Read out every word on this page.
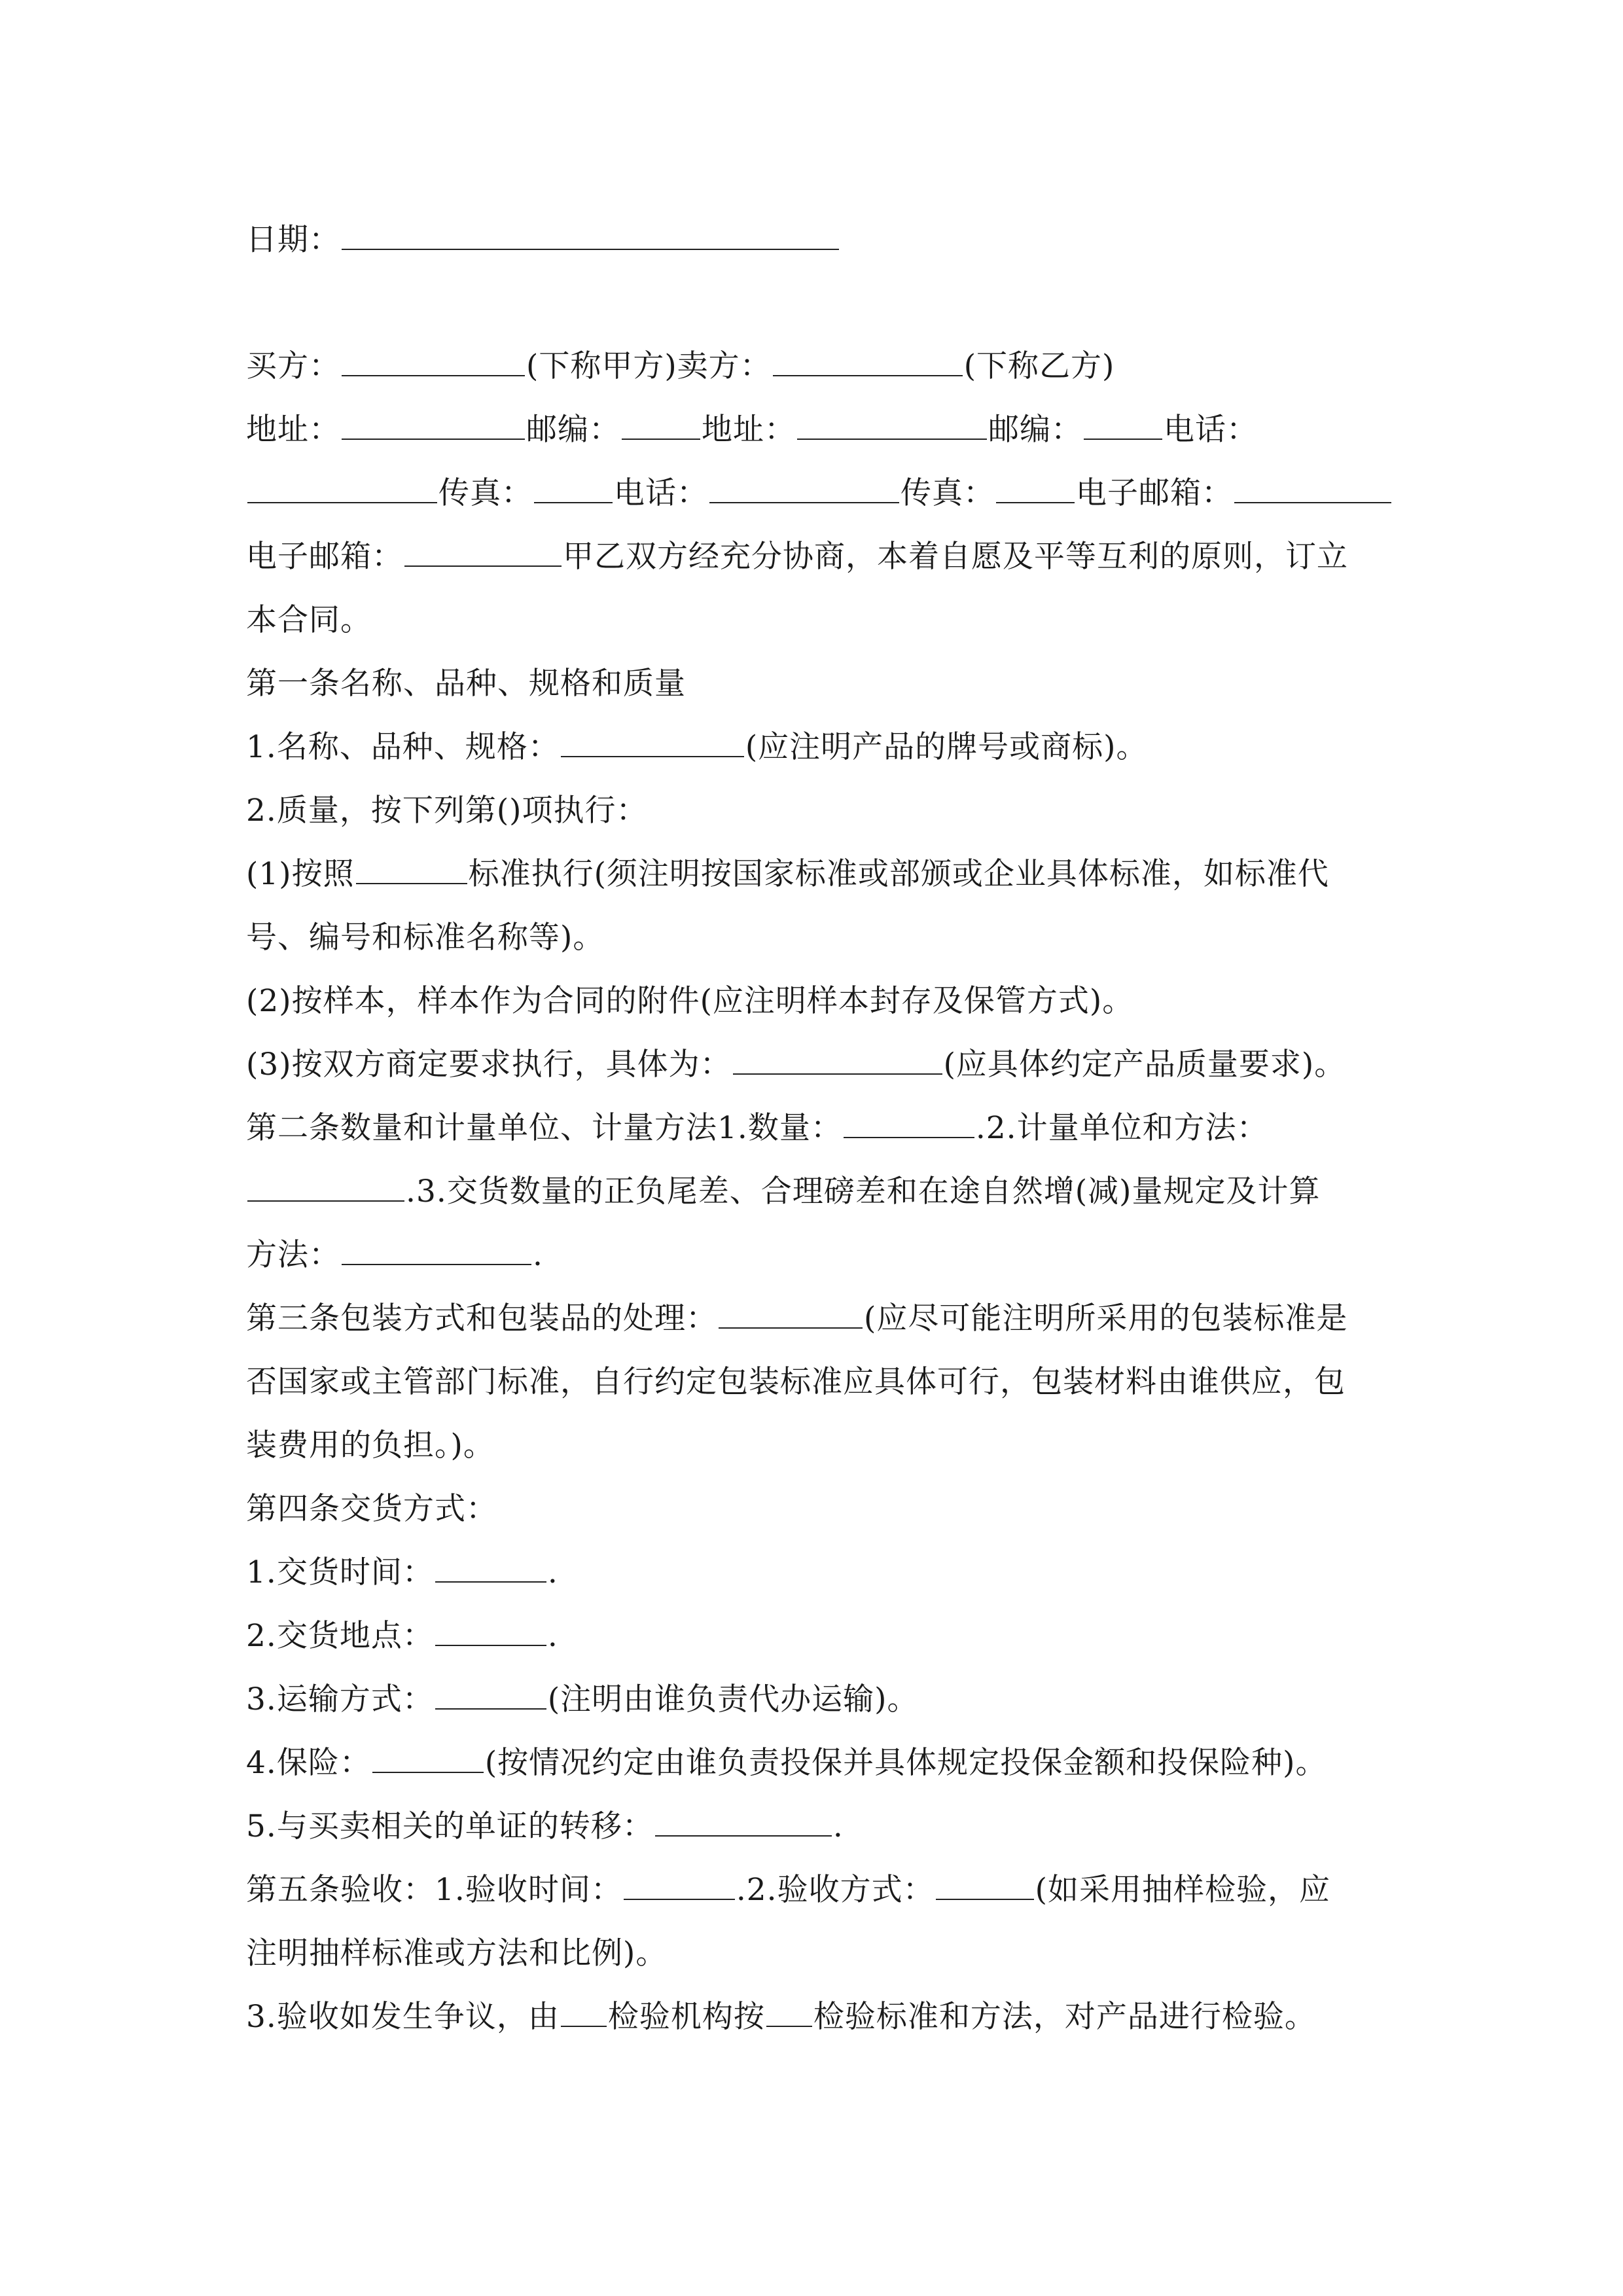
日期：
买方：	(下称甲方)卖方：	(下称乙方)
地址：	邮编：	地址：	邮编：	电话：
传真：	电话：	传真：	电子邮箱：
电子邮箱：	甲乙双方经充分协商，本着自愿及平等互利的原则，订立
本合同。
第一条名称、品种、规格和质量
1.名称、品种、规格：	(应注明产品的牌号或商标)。
2.质量，按下列第()项执行：
(1)按照	标准执行(须注明按国家标准或部颁或企业具体标准，如标准代
号、编号和标准名称等)。
(2)按样本，样本作为合同的附件(应注明样本封存及保管方式)。
(3)按双方商定要求执行，具体为：	(应具体约定产品质量要求)。
第二条数量和计量单位、计量方法1.数量：	.2.计量单位和方法：
.3.交货数量的正负尾差、合理磅差和在途自然增(减)量规定及计算
方法：	.
第三条包装方式和包装品的处理：	(应尽可能注明所采用的包装标准是
否国家或主管部门标准，自行约定包装标准应具体可行，包装材料由谁供应，包
装费用的负担。)。
第四条交货方式：
1.交货时间：	.
2.交货地点：	.
3.运输方式：	(注明由谁负责代办运输)。
4.保险：	(按情况约定由谁负责投保并具体规定投保金额和投保险种)。
5.与买卖相关的单证的转移：	.
第五条验收：1.验收时间：	.2.验收方式：	(如采用抽样检验，应
注明抽样标准或方法和比例)。
3.验收如发生争议，由 检验机构按 检验标准和方法，对产品进行检验。
